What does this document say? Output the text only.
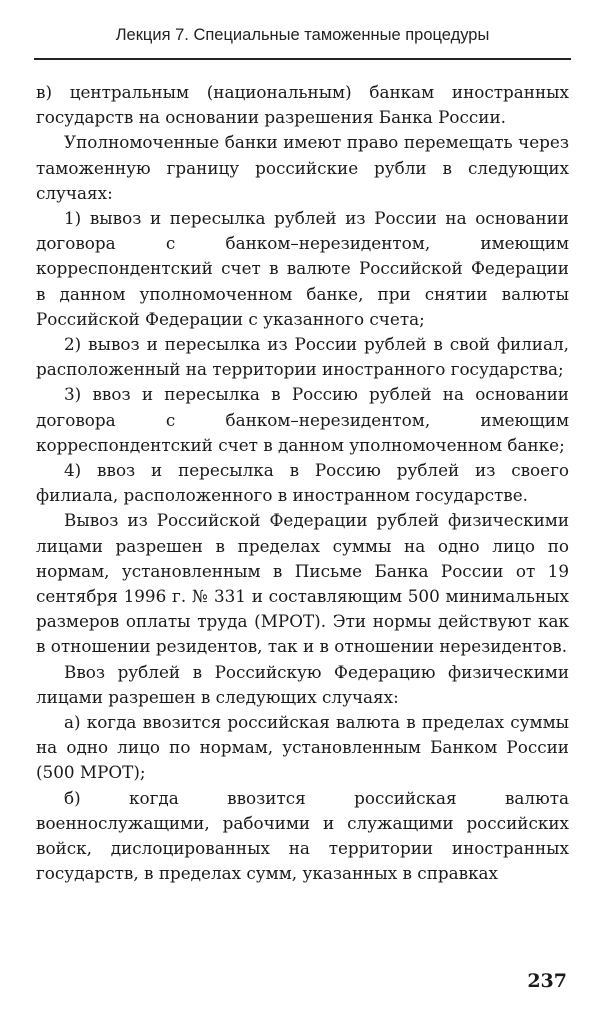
Лекция 7. Специальные таможенные процедуры

в) центральным (национальным) банкам иностранных государств на основании разрешения Банка России.

Уполномоченные банки имеют право перемещать через таможенную границу российские рубли в следующих случаях:

1) вывоз и пересылка рублей из России на основании договора с банком–нерезидентом, имеющим корреспондентский счет в валюте Российской Федерации в данном уполномоченном банке, при снятии валюты Российской Федерации с указанного счета;

2) вывоз и пересылка из России рублей в свой филиал, расположенный на территории иностранного государства;

3) ввоз и пересылка в Россию рублей на основании договора с банком–нерезидентом, имеющим корреспондентский счет в данном уполномоченном банке;

4) ввоз и пересылка в Россию рублей из своего филиала, расположенного в иностранном государстве.

Вывоз из Российской Федерации рублей физическими лицами разрешен в пределах суммы на одно лицо по нормам, установленным в Письме Банка России от 19 сентября 1996 г. № 331 и составляющим 500 минимальных размеров оплаты труда (МРОТ). Эти нормы действуют как в отношении резидентов, так и в отношении нерезидентов.

Ввоз рублей в Российскую Федерацию физическими лицами разрешен в следующих случаях:

а) когда ввозится российская валюта в пределах суммы на одно лицо по нормам, установленным Банком России (500 МРОТ);

б) когда ввозится российская валюта военнослужащими, рабочими и служащими российских войск, дислоцированных на территории иностранных государств, в пределах сумм, указанных в справках

237
